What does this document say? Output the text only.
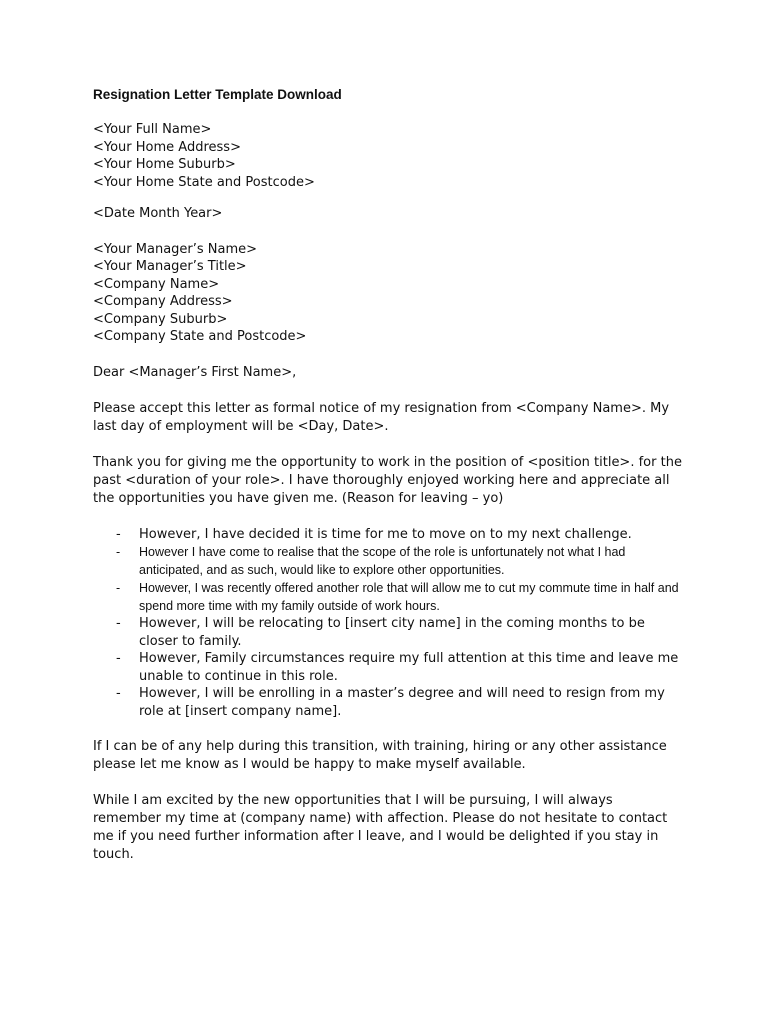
Resignation Letter Template Download
<Your Full Name>
<Your Home Address>
<Your Home Suburb>
<Your Home State and Postcode>
<Date Month Year>
<Your Manager’s Name>
<Your Manager’s Title>
<Company Name>
<Company Address>
<Company Suburb>
<Company State and Postcode>
Dear <Manager’s First Name>,
Please accept this letter as formal notice of my resignation from <Company Name>. My last day of employment will be <Day, Date>.
Thank you for giving me the opportunity to work in the position of <position title>. for the past <duration of your role>. I have thoroughly enjoyed working here and appreciate all the opportunities you have given me. (Reason for leaving – yo)
- However, I have decided it is time for me to move on to my next challenge.
- However I have come to realise that the scope of the role is unfortunately not what I had anticipated, and as such, would like to explore other opportunities.
- However, I was recently offered another role that will allow me to cut my commute time in half and spend more time with my family outside of work hours.
- However, I will be relocating to [insert city name] in the coming months to be closer to family.
- However, Family circumstances require my full attention at this time and leave me unable to continue in this role.
- However, I will be enrolling in a master’s degree and will need to resign from my role at [insert company name].
If I can be of any help during this transition, with training, hiring or any other assistance please let me know as I would be happy to make myself available.
While I am excited by the new opportunities that I will be pursuing, I will always remember my time at (company name) with affection. Please do not hesitate to contact me if you need further information after I leave, and I would be delighted if you stay in touch.
